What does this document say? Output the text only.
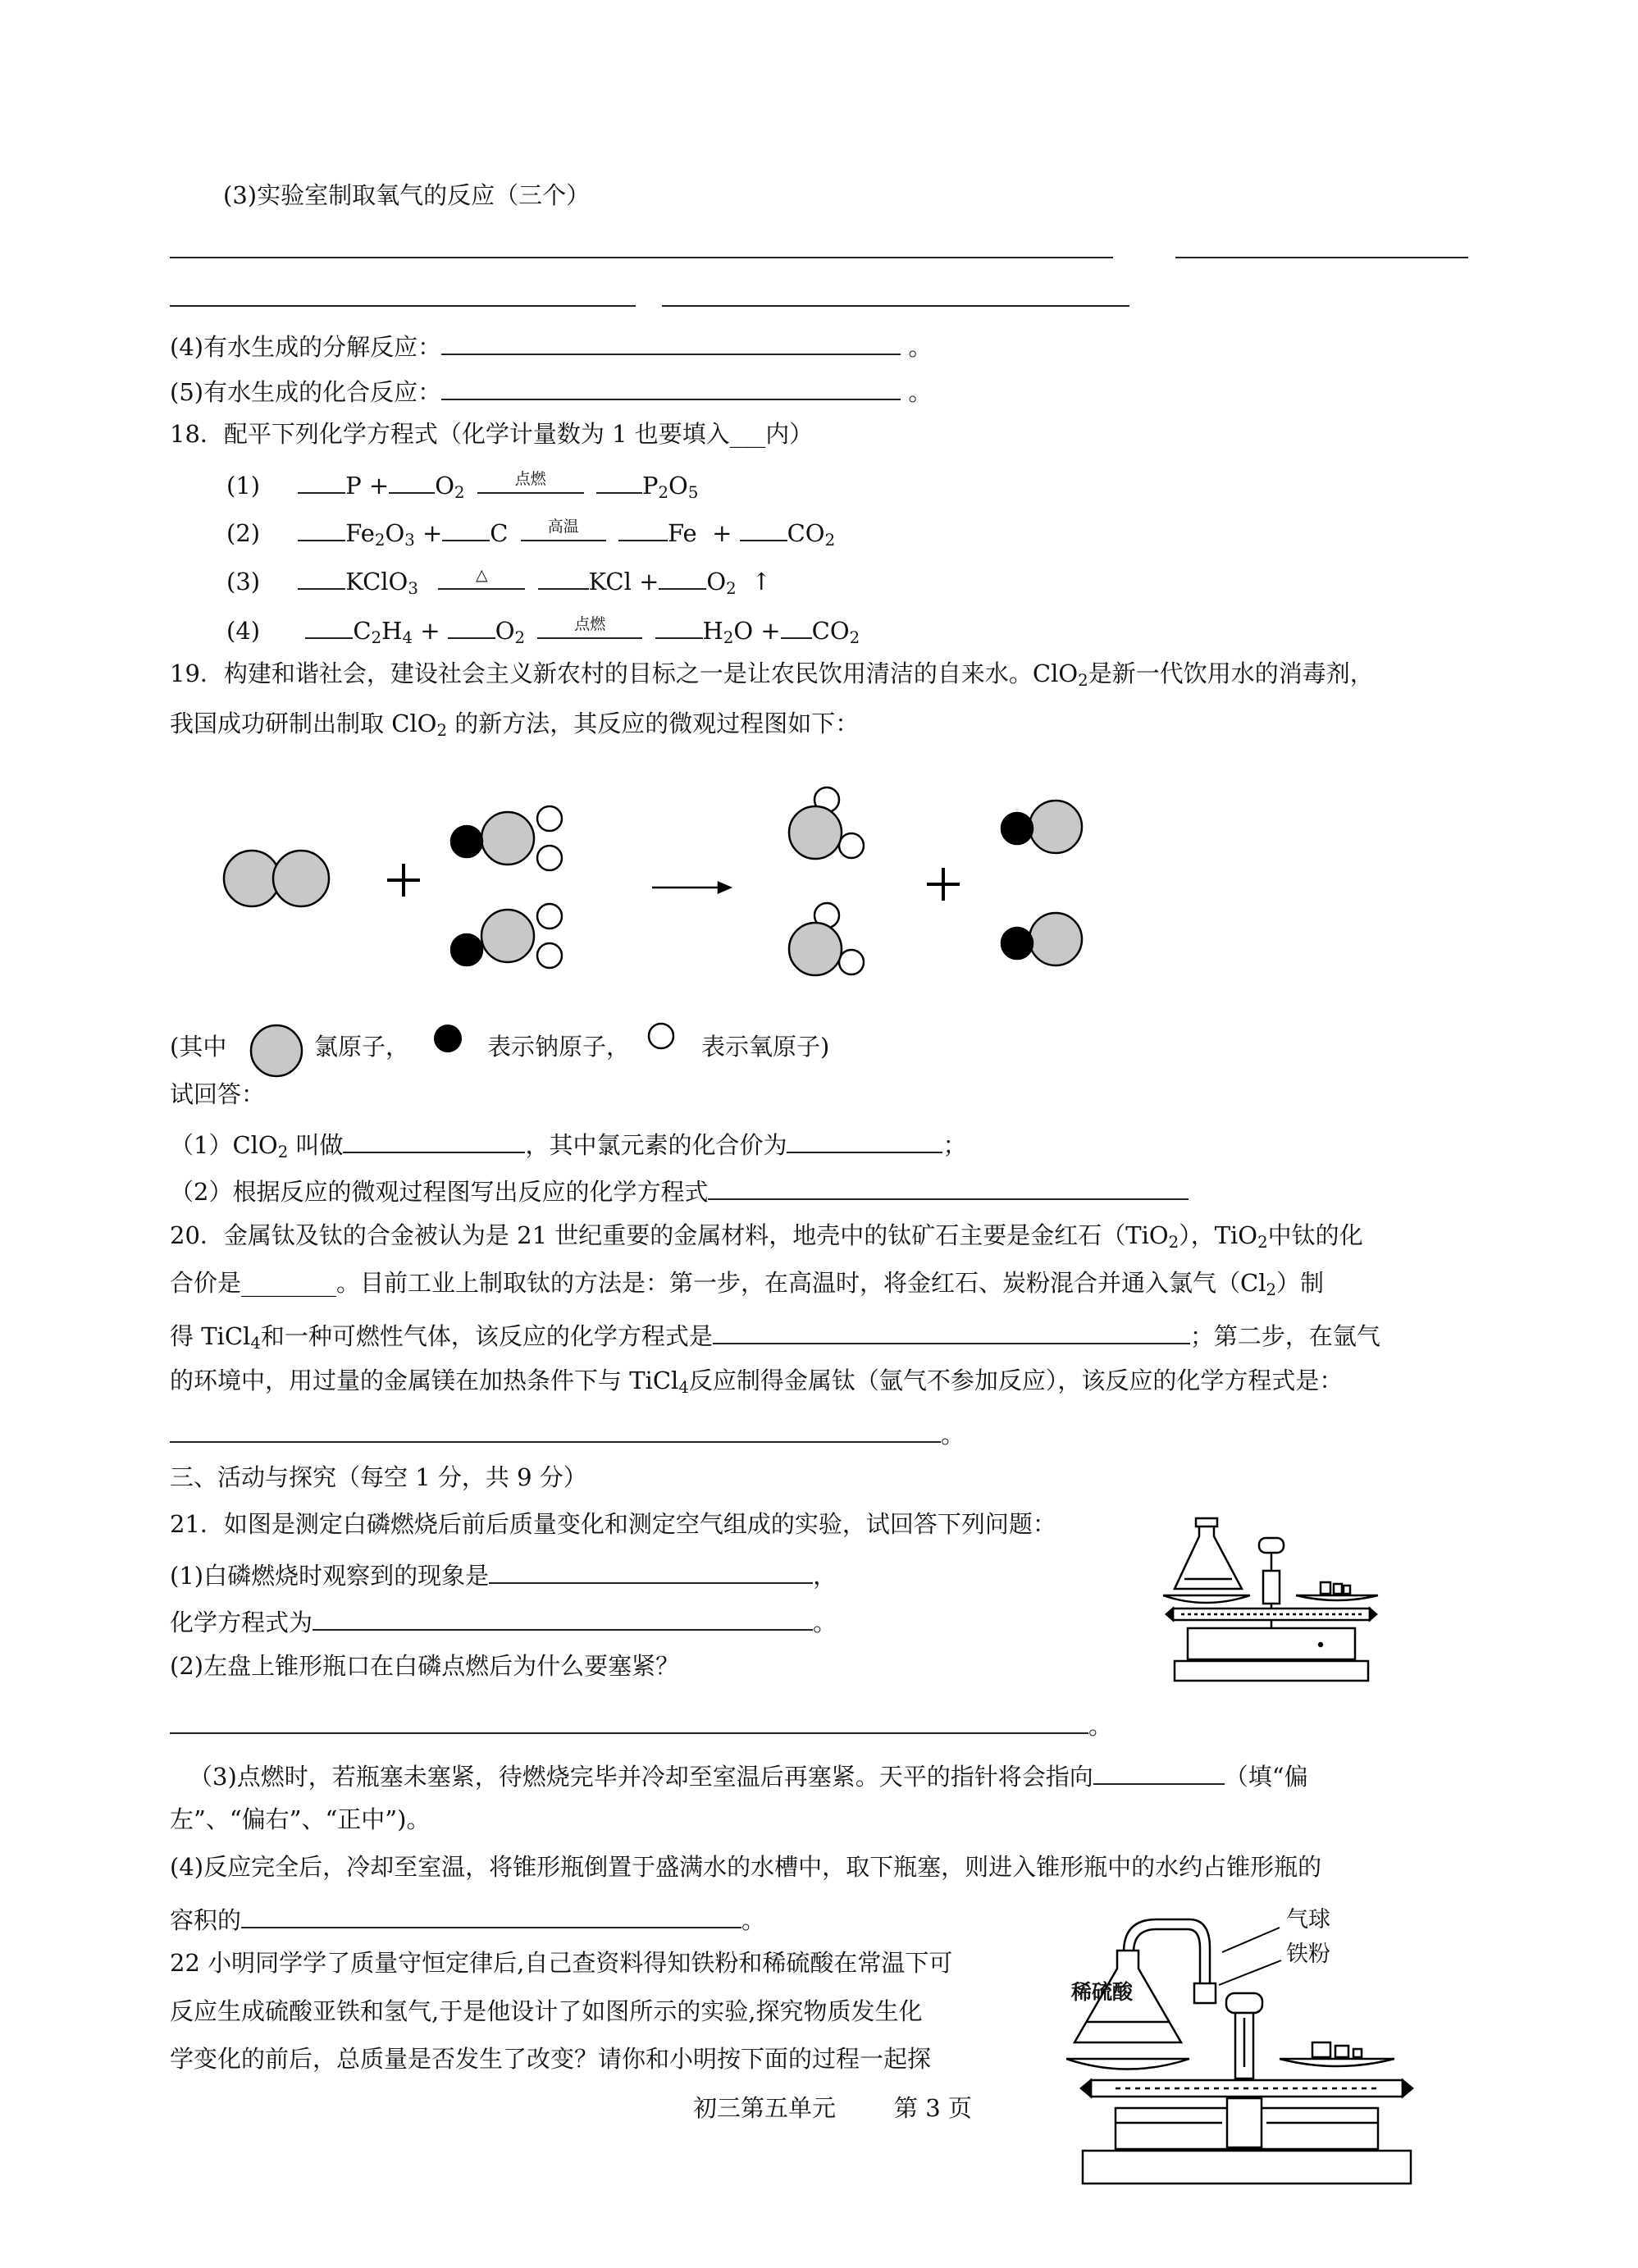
(3)实验室制取氧气的反应（三个）
(4)有水生成的分解反应：	。
(5)有水生成的化合反应：	。
18．配平下列化学方程式（化学计量数为 1 也要填入___内）
(1)	$P + O_2$
点燃	$P_2O_5$
(2)	$Fe_2O_3 + C$	高温	$Fe + CO_2$
(3)	KClO$_3$
△	KCl + $O_2$ ↑
(4)	$C_2H_4 + O_2$
点燃	$H_2O + CO_2$
19．构建和谐社会，建设社会主义新农村的目标之一是让农民饮用清洁的自来水。ClO$_2$是新一代饮用水的消毒剂，
我国成功研制出制取 ClO$_2$ 的新方法，其反应的微观过程图如下：
(其中	氯原子，	表示钠原子，	表示氧原子)
试回答：
（1）ClO$_2$ 叫做	，其中氯元素的化合价为	；
（2）根据反应的微观过程图写出反应的化学方程式
20．金属钛及钛的合金被认为是 21 世纪重要的金属材料，地壳中的钛矿石主要是金红石（TiO$_2$），TiO$_2$中钛的化
合价是________。目前工业上制取钛的方法是：第一步，在高温时，将金红石、炭粉混合并通入氯气$(Cl_2)$制
得 TiCl$_4$和一种可燃性气体，该反应的化学方程式是	；第二步，在氩气
的环境中，用过量的金属镁在加热条件下与 TiCl$_4$反应制得金属钛（氩气不参加反应），该反应的化学方程式是：
。
三、活动与探究（每空 1 分，共 9 分）
21．如图是测定白磷燃烧后前后质量变化和测定空气组成的实验，试回答下列问题：
(1)白磷燃烧时观察到的现象是	，
化学方程式为	。
(2)左盘上锥形瓶口在白磷点燃后为什么要塞紧？
。
（3)点燃时，若瓶塞未塞紧，待燃烧完毕并冷却至室温后再塞紧。天平的指针将会指向	（填“偏
左”、“偏右”、“正中”)。
(4)反应完全后，冷却至室温，将锥形瓶倒置于盛满水的水槽中，取下瓶塞，则进入锥形瓶中的水约占锥形瓶的
容积的	。
22 小明同学学了质量守恒定律后,自己查资料得知铁粉和稀硫酸在常温下可
反应生成硫酸亚铁和氢气,于是他设计了如图所示的实验,探究物质发生化
学变化的前后，总质量是否发生了改变？请你和小明按下面的过程一起探
气球
铁粉
稀硫酸
初三第五单元 第 3 页
